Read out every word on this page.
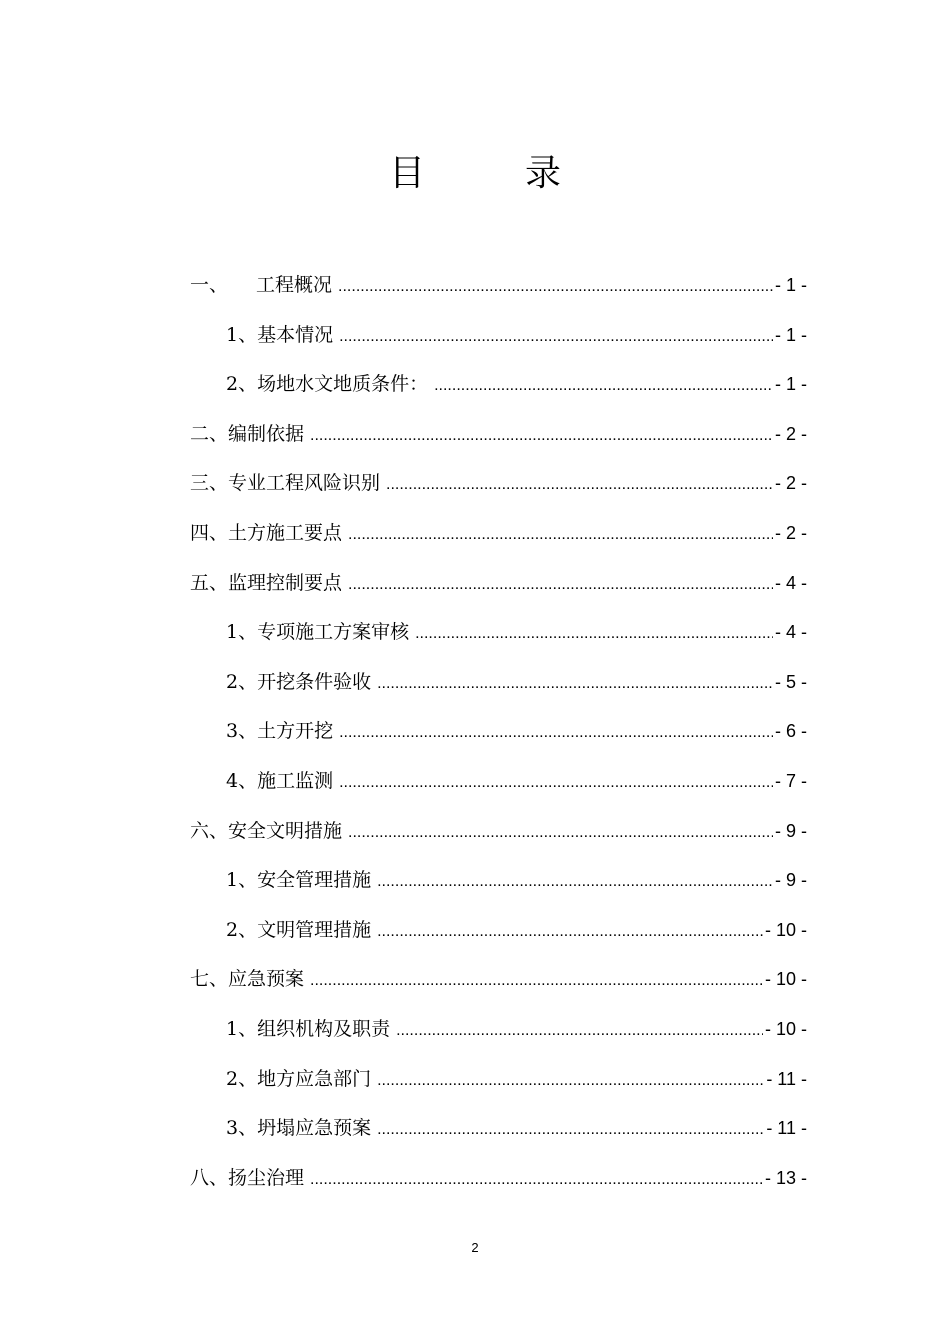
目	录
一、 工程概况 .....	- 1 -
1、基本情况 .....	- 1 -
2、场地水文地质条件： .....	- 1 -
二、编制依据 .....	- 2 -
三、专业工程风险识别 .....	- 2 -
四、土方施工要点 .....	- 2 -
五、监理控制要点 .....	- 4 -
1、专项施工方案审核 .....	- 4 -
2、开挖条件验收 .....	- 5 -
3、土方开挖 .....	- 6 -
4、施工监测 .....	- 7 -
六、安全文明措施 .....	- 9 -
1、安全管理措施 .....	- 9 -
2、文明管理措施 .....	- 10 -
七、应急预案 .....	- 10 -
1、组织机构及职责 .....	- 10 -
2、地方应急部门 .....	- 11 -
3、坍塌应急预案 .....	- 11 -
八、扬尘治理 .....	- 13 -
2
